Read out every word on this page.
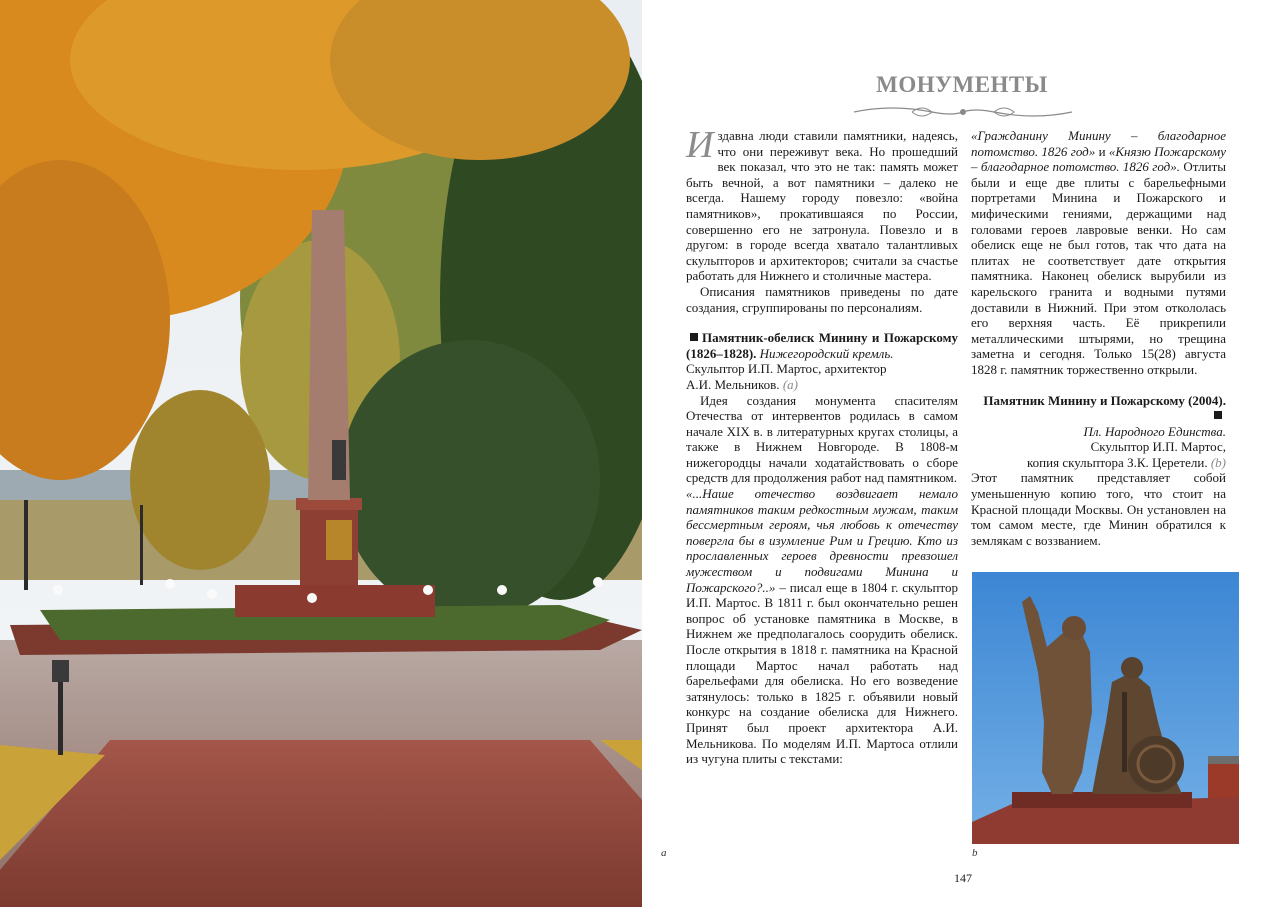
МОНУМЕНТЫ

Издавна люди ставили памятники, надеясь, что они переживут века. Но прошедший век показал, что это не так: память может быть вечной, а вот памятники – далеко не всегда. Нашему городу повезло: «война памятников», прокатившаяся по России, совершенно его не затронула. Повезло и в другом: в городе всегда хватало талантливых скульпторов и архитекторов; считали за счастье работать для Нижнего и столичные мастера.

Описания памятников приведены по дате создания, сгруппированы по персоналиям.

Памятник-обелиск Минину и Пожарскому (1826–1828). Нижегородский кремль.

Скульптор И.П. Мартос, архитектор

А.И. Мельников. (a)

Идея создания монумента спасителям Отечества от интервентов родилась в самом начале XIX в. в литературных кругах столицы, а также в Нижнем Новгороде. В 1808-м нижегородцы начали ходатайствовать о сборе средств для продолжения работ над памятником.

«...Наше отечество воздвигает немало памятников таким редкостным мужам, таким бессмертным героям, чья любовь к отечеству повергла бы в изумление Рим и Грецию. Кто из прославленных героев древности превзошел мужеством и подвигами Минина и Пожарского?..» – писал еще в 1804 г. скульптор И.П. Мартос. В 1811 г. был окончательно решен вопрос об установке памятника в Москве, в Нижнем же предполагалось соорудить обелиск. После открытия в 1818 г. памятника на Красной площади Мартос начал работать над барельефами для обелиска. Но его возведение затянулось: только в 1825 г. объявили новый конкурс на создание обелиска для Нижнего. Принят был проект архитектора А.И. Мельникова. По моделям И.П. Мартоса отлили из чугуна плиты с текстами:

«Гражданину Минину – благодарное потомство. 1826 год» и «Князю Пожарскому – благодарное потомство. 1826 год». Отлиты были и еще две плиты с барельефными портретами Минина и Пожарского и мифическими гениями, держащими над головами героев лавровые венки. Но сам обелиск еще не был готов, так что дата на плитах не соответствует дате открытия памятника. Наконец обелиск вырубили из карельского гранита и водными путями доставили в Нижний. При этом откололась его верхняя часть. Её прикрепили металлическими штырями, но трещина заметна и сегодня. Только 15(28) августа 1828 г. памятник торжественно открыли.

Памятник Минину и Пожарскому (2004).

Пл. Народного Единства.

Скульптор И.П. Мартос,

копия скульптора З.К. Церетели. (b)

Этот памятник представляет собой уменьшенную копию того, что стоит на Красной площади Москвы. Он установлен на том самом месте, где Минин обратился к землякам с воззванием.

a	b
147
